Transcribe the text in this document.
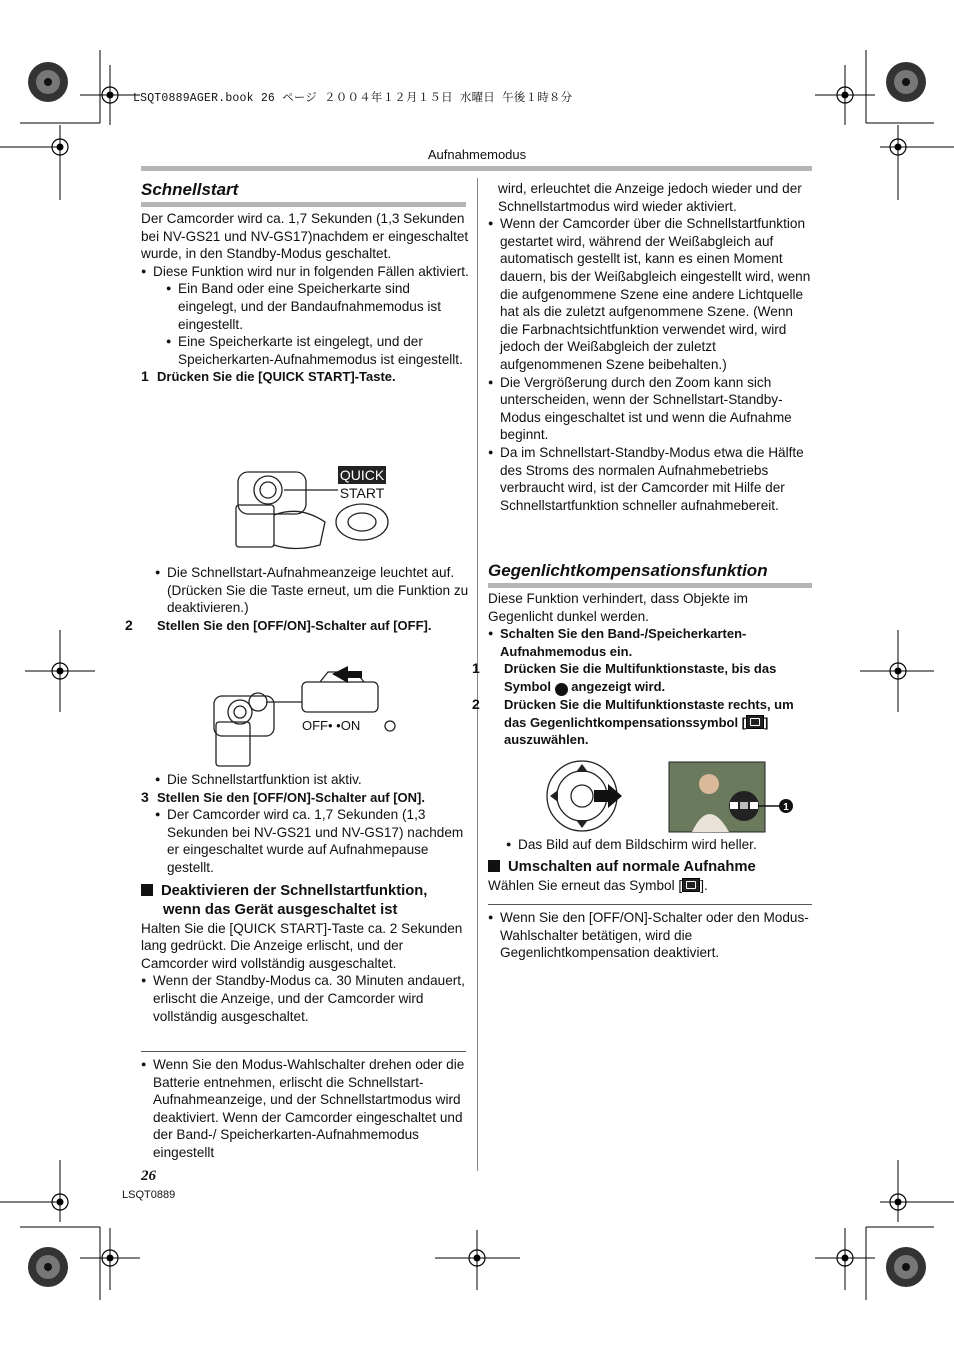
LSQT0889AGER.book 26 ページ ２００４年１２月１５日 水曜日 午後１時８分
Aufnahmemodus
Schnellstart
Der Camcorder wird ca. 1,7 Sekunden (1,3 Sekunden bei NV-GS21 und NV-GS17)nachdem er eingeschaltet wurde, in den Standby-Modus geschaltet.
● Diese Funktion wird nur in folgenden Fällen aktiviert.
● Ein Band oder eine Speicherkarte sind eingelegt, und der Bandaufnahmemodus ist eingestellt.
● Eine Speicherkarte ist eingelegt, und der Speicherkarten-Aufnahmemodus ist eingestellt.
1 Drücken Sie die [QUICK START]-Taste.
QUICK
START
● Die Schnellstart-Aufnahmeanzeige leuchtet auf. (Drücken Sie die Taste erneut, um die Funktion zu deaktivieren.)
2 Stellen Sie den [OFF/ON]-Schalter auf [OFF].
OFF• •ON
● Die Schnellstartfunktion ist aktiv.
3 Stellen Sie den [OFF/ON]-Schalter auf [ON].
● Der Camcorder wird ca. 1,7 Sekunden (1,3 Sekunden bei NV-GS21 und NV-GS17) nachdem er eingeschaltet wurde auf Aufnahmepause gestellt.
Deaktivieren der Schnellstartfunktion, wenn das Gerät ausgeschaltet ist
Halten Sie die [QUICK START]-Taste ca. 2 Sekunden lang gedrückt. Die Anzeige erlischt, und der Camcorder wird vollständig ausgeschaltet.
● Wenn der Standby-Modus ca. 30 Minuten andauert, erlischt die Anzeige, und der Camcorder wird vollständig ausgeschaltet.
● Wenn Sie den Modus-Wahlschalter drehen oder die Batterie entnehmen, erlischt die Schnellstart-Aufnahmeanzeige, und der Schnellstartmodus wird deaktiviert. Wenn der Camcorder eingeschaltet und der Band-/ Speicherkarten-Aufnahmemodus eingestellt
wird, erleuchtet die Anzeige jedoch wieder und der Schnellstartmodus wird wieder aktiviert.
● Wenn der Camcorder über die Schnellstartfunktion gestartet wird, während der Weißabgleich auf automatisch gestellt ist, kann es einen Moment dauern, bis der Weißabgleich eingestellt wird, wenn die aufgenommene Szene eine andere Lichtquelle hat als die zuletzt aufgenommene Szene. (Wenn die Farbnachtsichtfunktion verwendet wird, wird jedoch der Weißabgleich der zuletzt aufgenommenen Szene beibehalten.)
● Die Vergrößerung durch den Zoom kann sich unterscheiden, wenn der Schnellstart-Standby-Modus eingeschaltet ist und wenn die Aufnahme beginnt.
● Da im Schnellstart-Standby-Modus etwa die Hälfte des Stroms des normalen Aufnahmebetriebs verbraucht wird, ist der Camcorder mit Hilfe der Schnellstartfunktion schneller aufnahmebereit.
Gegenlichtkompensationsfunktion
Diese Funktion verhindert, dass Objekte im Gegenlicht dunkel werden.
● Schalten Sie den Band-/Speicherkarten-Aufnahmemodus ein.
1 Drücken Sie die Multifunktionstaste, bis das Symbol 1 angezeigt wird.
2 Drücken Sie die Multifunktionstaste rechts, um das Gegenlichtkompensationssymbol [ ] auszuwählen.
1
● Das Bild auf dem Bildschirm wird heller.
Umschalten auf normale Aufnahme
Wählen Sie erneut das Symbol [ ].
● Wenn Sie den [OFF/ON]-Schalter oder den Modus-Wahlschalter betätigen, wird die Gegenlichtkompensation deaktiviert.
26
LSQT0889
